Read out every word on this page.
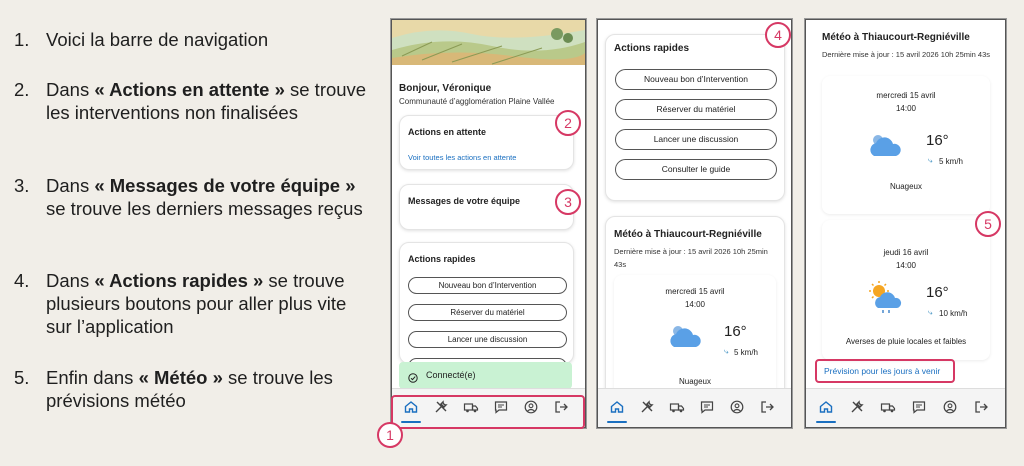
1. Voici la barre de navigation
2. Dans « Actions en attente » se trouve les interventions non finalisées
3. Dans « Messages de votre équipe » se trouve les derniers messages reçus
4. Dans « Actions rapides » se trouve plusieurs boutons pour aller plus vite sur l’application
5. Enfin dans « Météo » se trouve les prévisions météo
Bonjour, Véronique
Communauté d’agglomération Plaine Vallée
Actions en attente
Voir toutes les actions en attente
Messages de votre équipe
Actions rapides
Nouveau bon d’Intervention
Réserver du matériel
Lancer une discussion
Connecté(e)
Actions rapides
Nouveau bon d’Intervention
Réserver du matériel
Lancer une discussion
Consulter le guide
Météo à Thiaucourt-Regniéville
Dernière mise à jour : 15 avril 2026 10h 25min 43s
mercredi 15 avril
14:00
16°
⤷ 5 km/h
Nuageux
Météo à Thiaucourt-Regniéville
Dernière mise à jour : 15 avril 2026 10h 25min 43s
mercredi 15 avril
14:00
16°
⤷ 5 km/h
Nuageux
jeudi 16 avril
14:00
16°
⤷ 10 km/h
Averses de pluie locales et faibles
Prévision pour les jours à venir
1
2
3
4
5
